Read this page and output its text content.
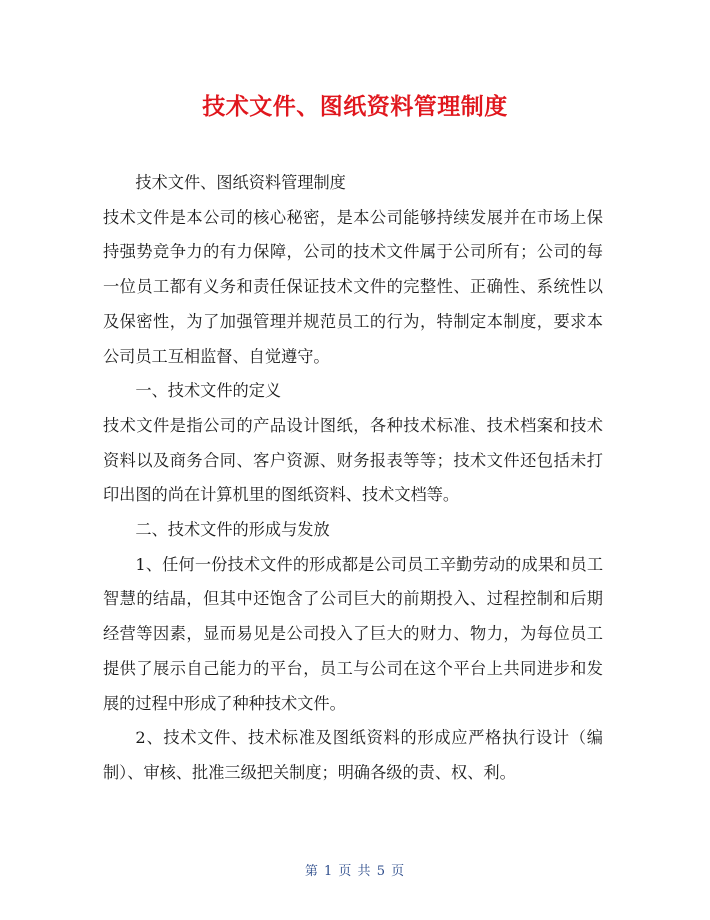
技术文件、图纸资料管理制度

技术文件、图纸资料管理制度

技术文件是本公司的核心秘密，是本公司能够持续发展并在市场上保持强势竞争力的有力保障，公司的技术文件属于公司所有；公司的每一位员工都有义务和责任保证技术文件的完整性、正确性、系统性以及保密性，为了加强管理并规范员工的行为，特制定本制度，要求本公司员工互相监督、自觉遵守。

一、技术文件的定义

技术文件是指公司的产品设计图纸，各种技术标准、技术档案和技术资料以及商务合同、客户资源、财务报表等等；技术文件还包括未打印出图的尚在计算机里的图纸资料、技术文档等。

二、技术文件的形成与发放

1、任何一份技术文件的形成都是公司员工辛勤劳动的成果和员工智慧的结晶，但其中还饱含了公司巨大的前期投入、过程控制和后期经营等因素，显而易见是公司投入了巨大的财力、物力，为每位员工提供了展示自己能力的平台，员工与公司在这个平台上共同进步和发展的过程中形成了种种技术文件。

2、技术文件、技术标准及图纸资料的形成应严格执行设计（编制）、审核、批准三级把关制度；明确各级的责、权、利。

第 1 页 共 5 页
